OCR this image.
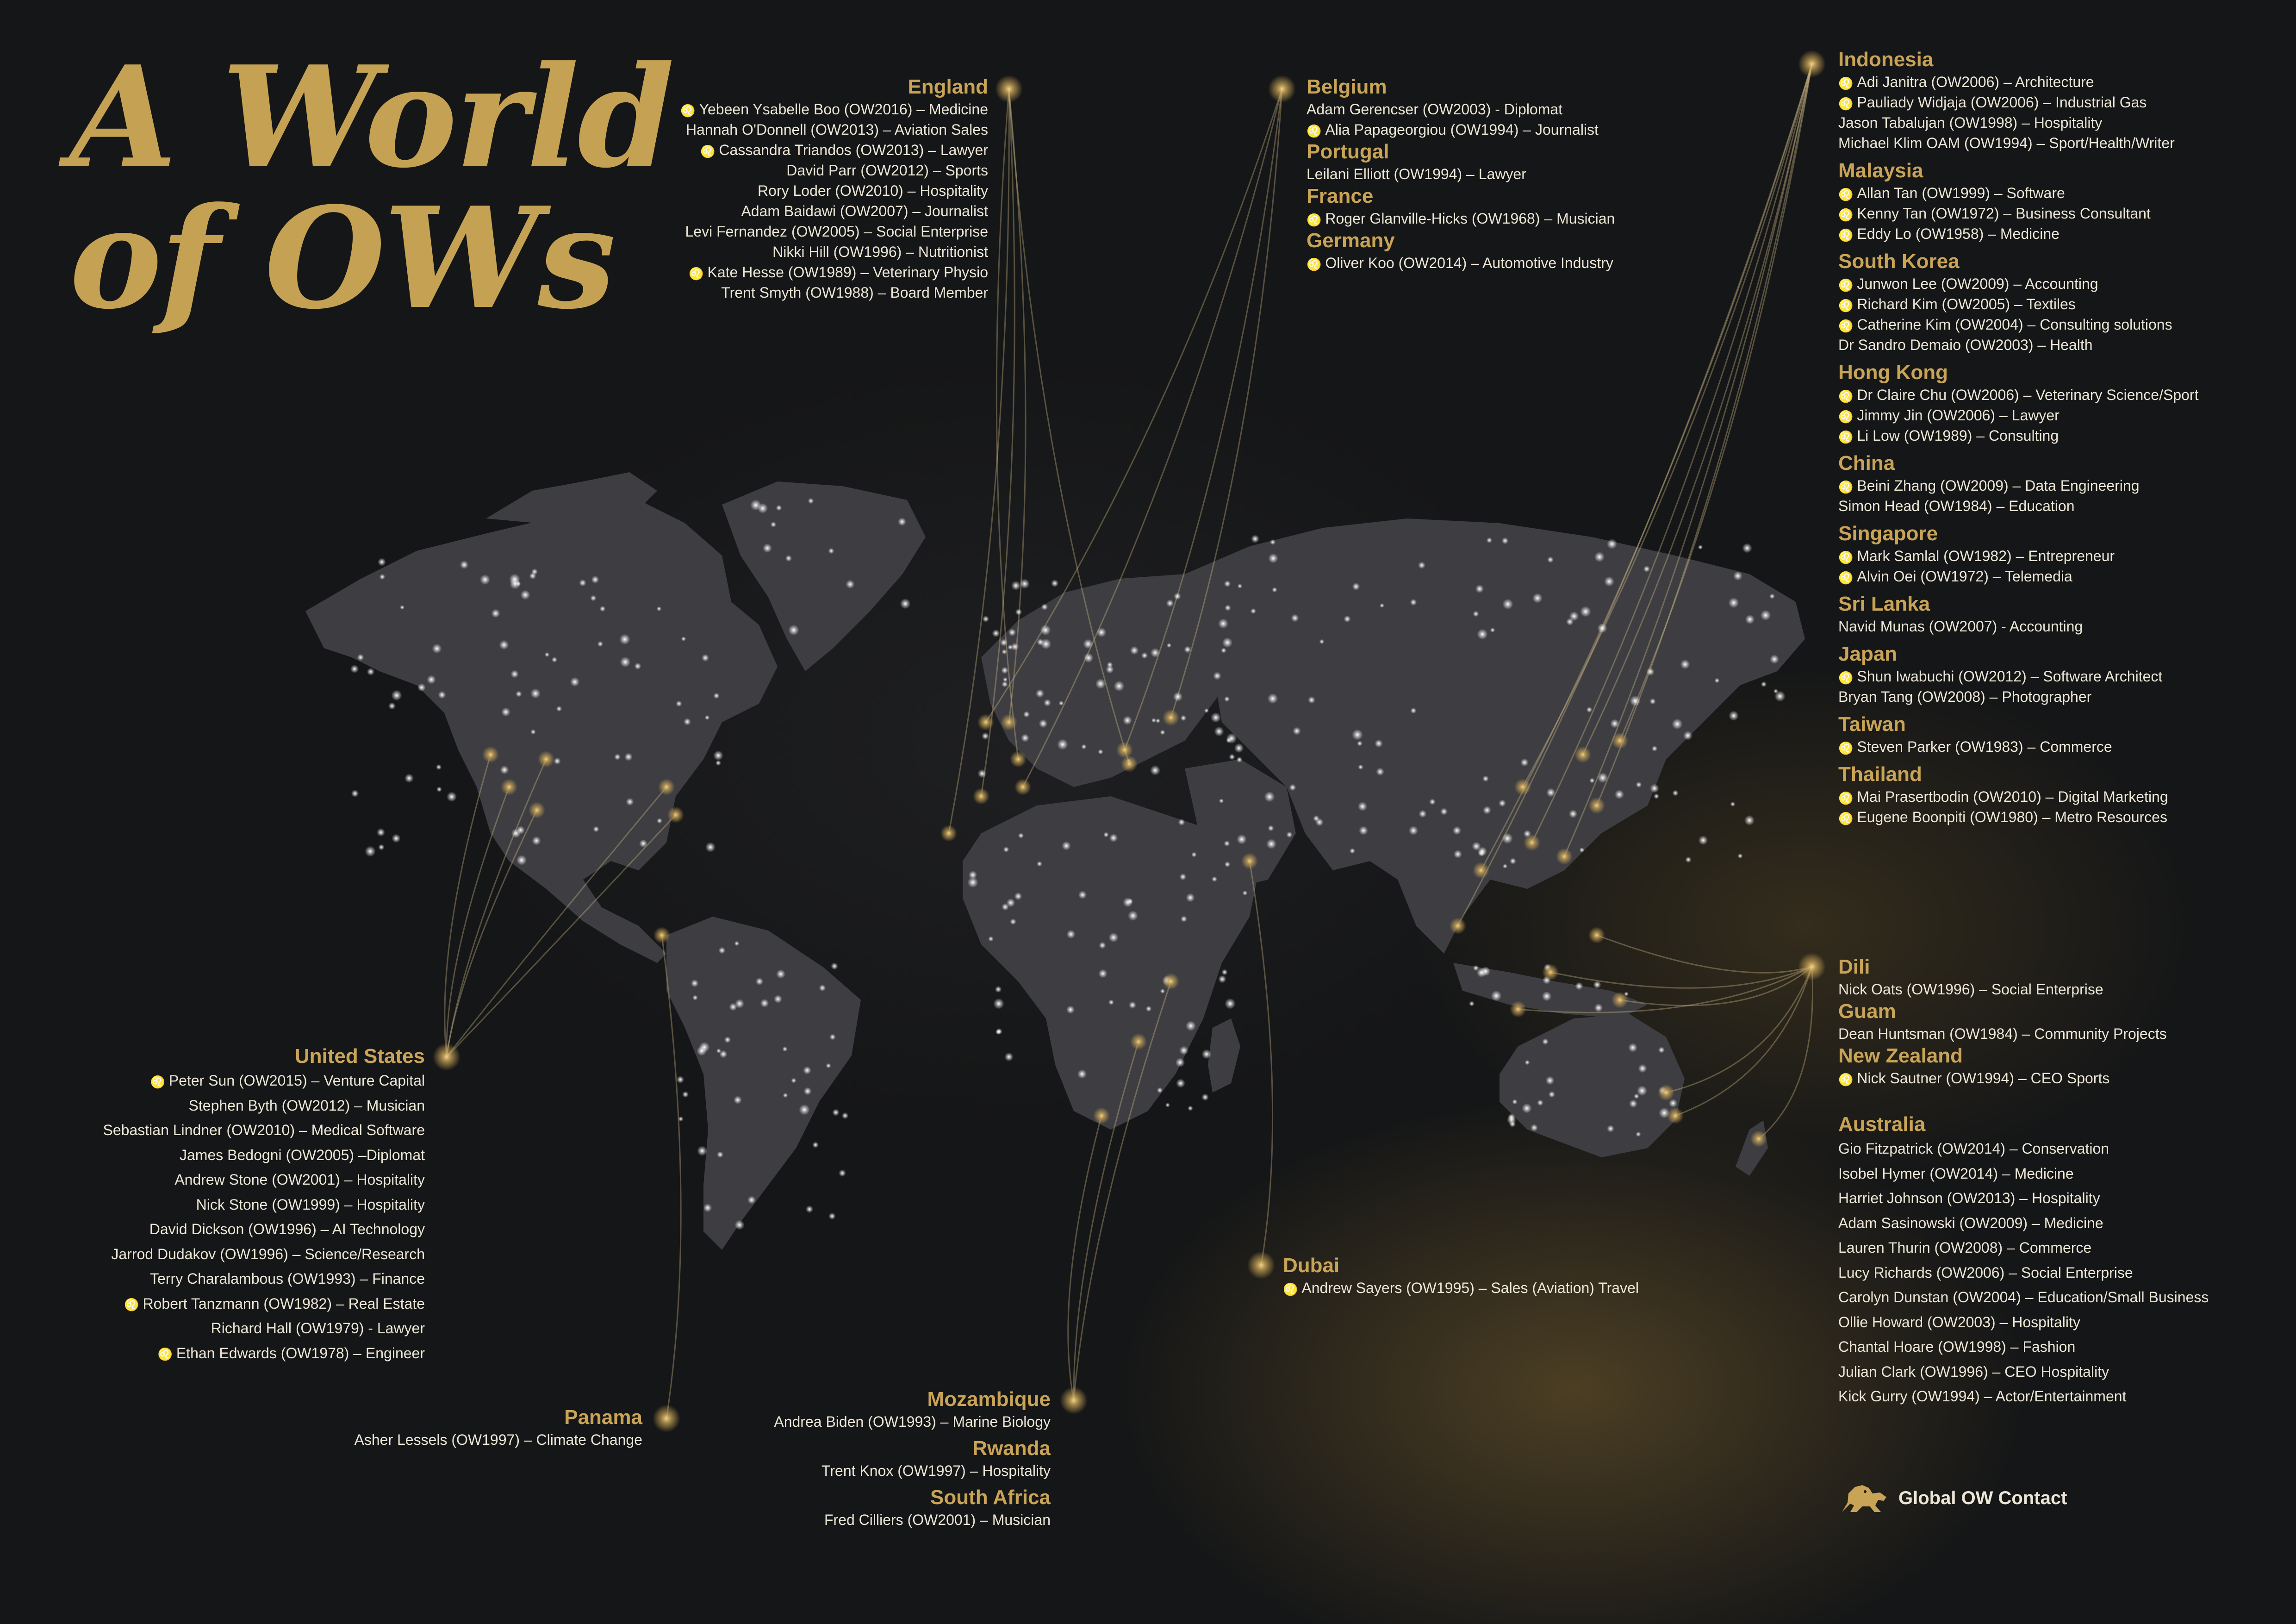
A World
of OWs
England
♌ Yebeen Ysabelle Boo (OW2016) – Medicine
Hannah O'Donnell (OW2013) – Aviation Sales
♌ Cassandra Triandos (OW2013) – Lawyer
David Parr (OW2012) – Sports
Rory Loder (OW2010) – Hospitality
Adam Baidawi (OW2007) – Journalist
Levi Fernandez (OW2005) – Social Enterprise
Nikki Hill (OW1996) – Nutritionist
♌ Kate Hesse (OW1989) – Veterinary Physio
Trent Smyth (OW1988) – Board Member
Belgium
Adam Gerencser (OW2003) - Diplomat
♌ Alia Papageorgiou (OW1994) – Journalist
Portugal
Leilani Elliott (OW1994) – Lawyer
France
♌ Roger Glanville-Hicks (OW1968) – Musician
Germany
♌ Oliver Koo (OW2014) – Automotive Industry
Indonesia
♌ Adi Janitra (OW2006) – Architecture
♌ Pauliady Widjaja (OW2006) – Industrial Gas
Jason Tabalujan (OW1998) – Hospitality
Michael Klim OAM (OW1994) – Sport/Health/Writer
Malaysia
♌ Allan Tan (OW1999) – Software
♌ Kenny Tan (OW1972) – Business Consultant
♌ Eddy Lo (OW1958) – Medicine
South Korea
♌ Junwon Lee (OW2009) – Accounting
♌ Richard Kim (OW2005) – Textiles
♌ Catherine Kim (OW2004) – Consulting solutions
Dr Sandro Demaio (OW2003) – Health
Hong Kong
♌ Dr Claire Chu (OW2006) – Veterinary Science/Sport
♌ Jimmy Jin (OW2006) – Lawyer
♌ Li Low (OW1989) – Consulting
China
♌ Beini Zhang (OW2009) – Data Engineering
Simon Head (OW1984) – Education
Singapore
♌ Mark Samlal (OW1982) – Entrepreneur
♌ Alvin Oei (OW1972) – Telemedia
Sri Lanka
Navid Munas (OW2007) - Accounting
Japan
♌ Shun Iwabuchi (OW2012) – Software Architect
Bryan Tang (OW2008) – Photographer
Taiwan
♌ Steven Parker (OW1983) – Commerce
Thailand
♌ Mai Prasertbodin (OW2010) – Digital Marketing
♌ Eugene Boonpiti (OW1980) – Metro Resources
Dili
Nick Oats (OW1996) – Social Enterprise
Guam
Dean Huntsman (OW1984) – Community Projects
New Zealand
♌ Nick Sautner (OW1994) – CEO Sports
Australia
Gio Fitzpatrick (OW2014) – Conservation
Isobel Hymer (OW2014) – Medicine
Harriet Johnson (OW2013) – Hospitality
Adam Sasinowski (OW2009) – Medicine
Lauren Thurin (OW2008) – Commerce
Lucy Richards (OW2006) – Social Enterprise
Carolyn Dunstan (OW2004) – Education/Small Business
Ollie Howard (OW2003) – Hospitality
Chantal Hoare (OW1998) – Fashion
Julian Clark (OW1996) – CEO Hospitality
Kick Gurry (OW1994) – Actor/Entertainment
Dubai
♌ Andrew Sayers (OW1995) – Sales (Aviation) Travel
United States
♌ Peter Sun (OW2015) – Venture Capital
Stephen Byth (OW2012) – Musician
Sebastian Lindner (OW2010) – Medical Software
James Bedogni (OW2005) –Diplomat
Andrew Stone (OW2001) – Hospitality
Nick Stone (OW1999) – Hospitality
David Dickson (OW1996) – AI Technology
Jarrod Dudakov (OW1996) – Science/Research
Terry Charalambous (OW1993) – Finance
♌ Robert Tanzmann (OW1982) – Real Estate
Richard Hall (OW1979) - Lawyer
♌ Ethan Edwards (OW1978) – Engineer
Panama
Asher Lessels (OW1997) – Climate Change
Mozambique
Andrea Biden (OW1993) – Marine Biology
Rwanda
Trent Knox (OW1997) – Hospitality
South Africa
Fred Cilliers (OW2001) – Musician
Global OW Contact
